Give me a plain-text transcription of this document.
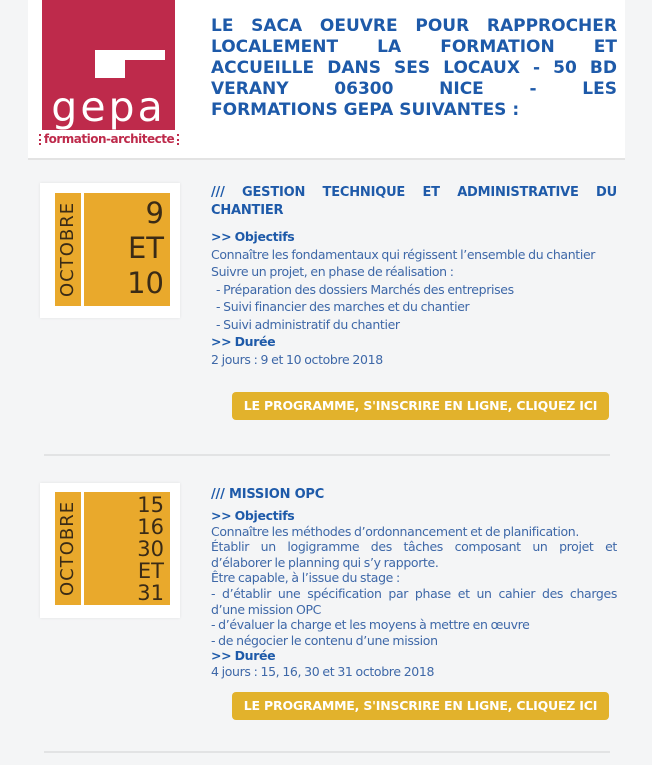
gepa
formation-architecte
LE SACA OEUVRE POUR RAPPROCHER
LOCALEMENT LA FORMATION ET
ACCUEILLE DANS SES LOCAUX - 50 BD
VERANY 06300 NICE - LES
FORMATIONS GEPA SUIVANTES :
OCTOBRE	9
ET
10
/// GESTION TECHNIQUE ET ADMINISTRATIVE DU
CHANTIER
>> Objectifs
Connaître les fondamentaux qui régissent l’ensemble du chantier
Suivre un projet, en phase de réalisation :
- Préparation des dossiers Marchés des entreprises
- Suivi financier des marches et du chantier
- Suivi administratif du chantier
>> Durée
2 jours : 9 et 10 octobre 2018
LE PROGRAMME, S'INSCRIRE EN LIGNE, CLIQUEZ ICI
OCTOBRE	15
16
30
ET
31
/// MISSION OPC
>> Objectifs
Connaître les méthodes d’ordonnancement et de planification.
Établir un logigramme des tâches composant un projet et
d’élaborer le planning qui s’y rapporte.
Être capable, à l’issue du stage :
- d’établir une spécification par phase et un cahier des charges
d’une mission OPC
- d’évaluer la charge et les moyens à mettre en œuvre
- de négocier le contenu d’une mission
>> Durée
4 jours : 15, 16, 30 et 31 octobre 2018
LE PROGRAMME, S'INSCRIRE EN LIGNE, CLIQUEZ ICI
